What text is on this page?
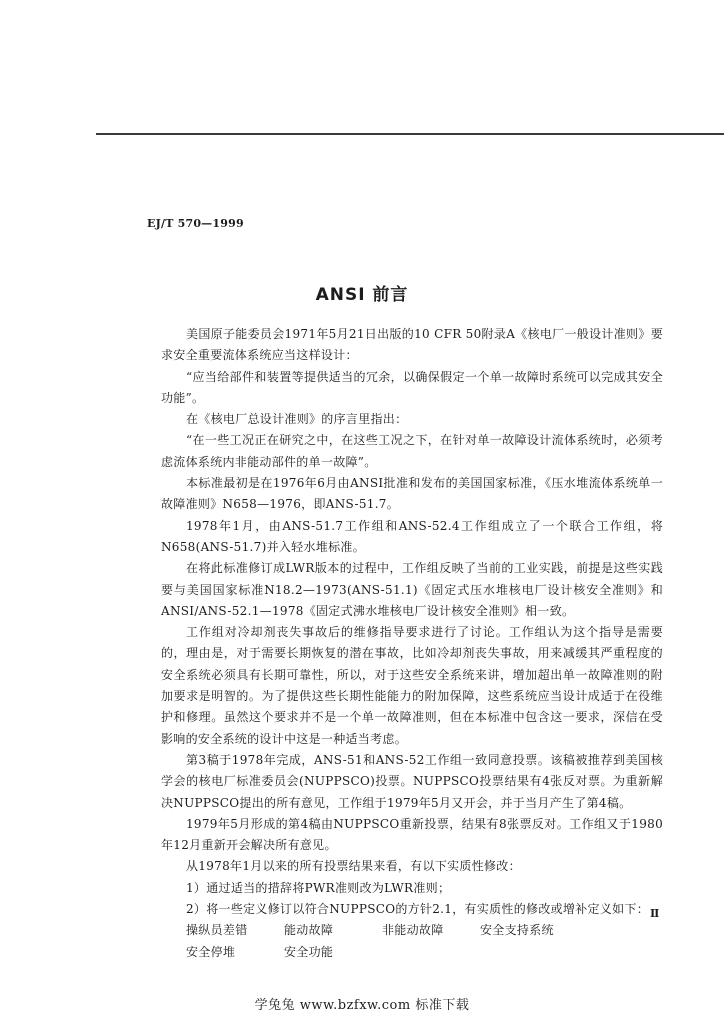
EJ/T 570—1999

ANSI 前言

美国原子能委员会1971年5月21日出版的10 CFR 50附录A《核电厂一般设计准则》要求安全重要流体系统应当这样设计：

“应当给部件和装置等提供适当的冗余，以确保假定一个单一故障时系统可以完成其安全功能”。

在《核电厂总设计准则》的序言里指出：

“在一些工况正在研究之中，在这些工况之下，在针对单一故障设计流体系统时，必须考虑流体系统内非能动部件的单一故障”。

本标准最初是在1976年6月由ANSI批准和发布的美国国家标准，《压水堆流体系统单一故障准则》N658—1976，即ANS-51.7。

1978年1月，由ANS-51.7工作组和ANS-52.4工作组成立了一个联合工作组，将N658(ANS-51.7)并入轻水堆标准。

在将此标准修订成LWR版本的过程中，工作组反映了当前的工业实践，前提是这些实践要与美国国家标准N18.2—1973(ANS-51.1)《固定式压水堆核电厂设计核安全准则》和ANSI/ANS-52.1—1978《固定式沸水堆核电厂设计核安全准则》相一致。

工作组对冷却剂丧失事故后的维修指导要求进行了讨论。工作组认为这个指导是需要的，理由是，对于需要长期恢复的潜在事故，比如冷却剂丧失事故，用来减缓其严重程度的安全系统必须具有长期可靠性，所以，对于这些安全系统来讲，增加超出单一故障准则的附加要求是明智的。为了提供这些长期性能能力的附加保障，这些系统应当设计成适于在役维护和修理。虽然这个要求并不是一个单一故障准则，但在本标准中包含这一要求，深信在受影响的安全系统的设计中这是一种适当考虑。

第3稿于1978年完成，ANS-51和ANS-52工作组一致同意投票。该稿被推荐到美国核学会的核电厂标准委员会(NUPPSCO)投票。NUPPSCO投票结果有4张反对票。为重新解决NUPPSCO提出的所有意见，工作组于1979年5月又开会，并于当月产生了第4稿。

1979年5月形成的第4稿由NUPPSCO重新投票，结果有8张票反对。工作组又于1980年12月重新开会解决所有意见。

从1978年1月以来的所有投票结果来看，有以下实质性修改：

1）通过适当的措辞将PWR准则改为LWR准则；

2）将一些定义修订以符合NUPPSCO的方针2.1，有实质性的修改或增补定义如下：

操纵员差错	能动故障	非能动故障	安全支持系统
安全停堆	安全功能

Ⅱ

学兔兔 www.bzfxw.com 标准下载
